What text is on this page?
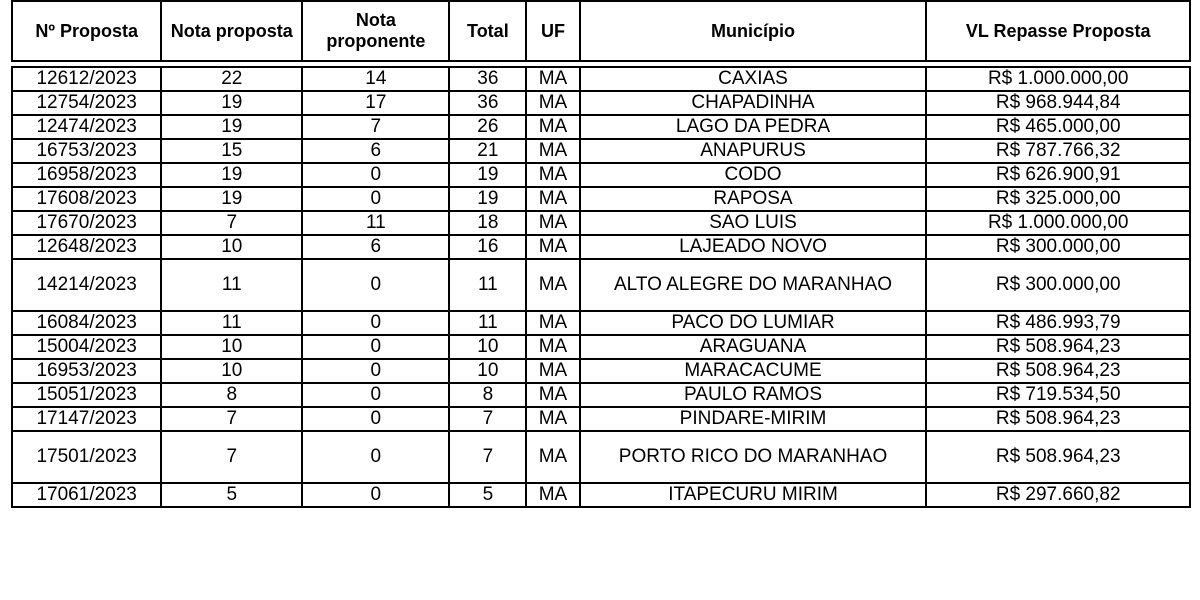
Nº Proposta	Nota proposta	Nota proponente	Total	UF	Município	VL Repasse Proposta

12612/2023	22	14	36	MA	CAXIAS	R$ 1.000.000,00
12754/2023	19	17	36	MA	CHAPADINHA	R$ 968.944,84
12474/2023	19	7	26	MA	LAGO DA PEDRA	R$ 465.000,00
16753/2023	15	6	21	MA	ANAPURUS	R$ 787.766,32
16958/2023	19	0	19	MA	CODO	R$ 626.900,91
17608/2023	19	0	19	MA	RAPOSA	R$ 325.000,00
17670/2023	7	11	18	MA	SAO LUIS	R$ 1.000.000,00
12648/2023	10	6	16	MA	LAJEADO NOVO	R$ 300.000,00
14214/2023	11	0	11	MA	ALTO ALEGRE DO MARANHAO	R$ 300.000,00
16084/2023	11	0	11	MA	PACO DO LUMIAR	R$ 486.993,79
15004/2023	10	0	10	MA	ARAGUANA	R$ 508.964,23
16953/2023	10	0	10	MA	MARACACUME	R$ 508.964,23
15051/2023	8	0	8	MA	PAULO RAMOS	R$ 719.534,50
17147/2023	7	0	7	MA	PINDARE-MIRIM	R$ 508.964,23
17501/2023	7	0	7	MA	PORTO RICO DO MARANHAO	R$ 508.964,23
17061/2023	5	0	5	MA	ITAPECURU MIRIM	R$ 297.660,82
